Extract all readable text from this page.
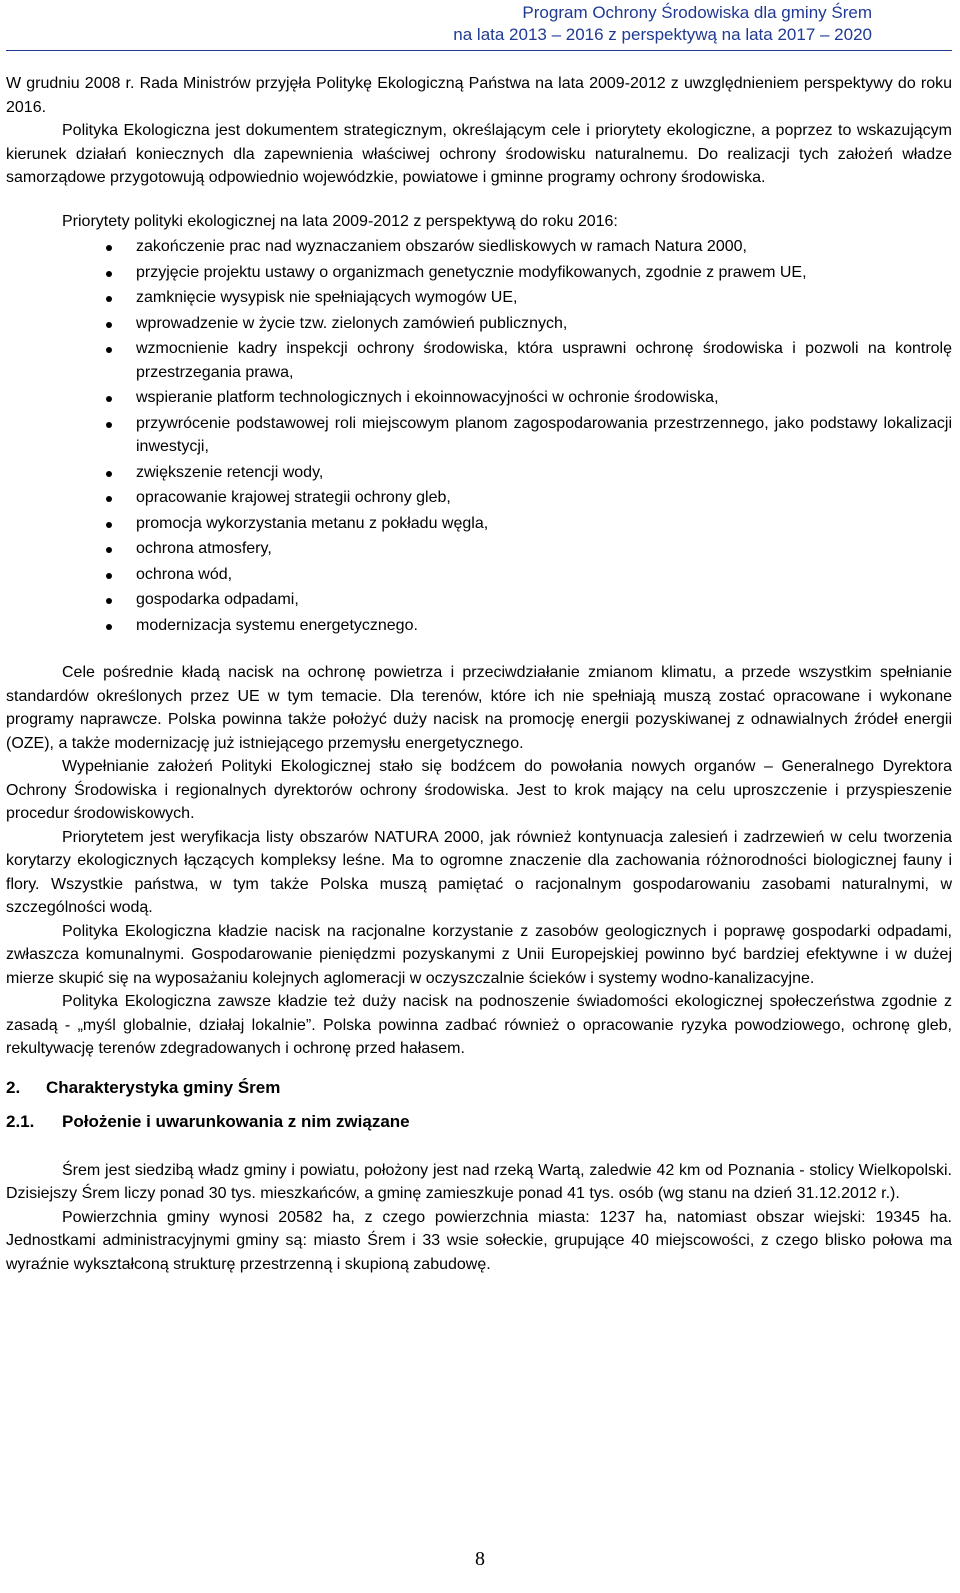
Program Ochrony Środowiska dla gminy Śrem
na lata 2013 – 2016 z perspektywą na lata 2017 – 2020

W grudniu 2008 r. Rada Ministrów przyjęła Politykę Ekologiczną Państwa na lata 2009-2012 z uwzględnieniem perspektywy do roku 2016.

Polityka Ekologiczna jest dokumentem strategicznym, określającym cele i priorytety ekologiczne, a poprzez to wskazującym kierunek działań koniecznych dla zapewnienia właściwej ochrony środowisku naturalnemu. Do realizacji tych założeń władze samorządowe przygotowują odpowiednio wojewódzkie, powiatowe i gminne programy ochrony środowiska.

Priorytety polityki ekologicznej na lata 2009-2012 z perspektywą do roku 2016:
zakończenie prac nad wyznaczaniem obszarów siedliskowych w ramach Natura 2000,
przyjęcie projektu ustawy o organizmach genetycznie modyfikowanych, zgodnie z prawem UE,
zamknięcie wysypisk nie spełniających wymogów UE,
wprowadzenie w życie tzw. zielonych zamówień publicznych,
wzmocnienie kadry inspekcji ochrony środowiska, która usprawni ochronę środowiska i pozwoli na kontrolę przestrzegania prawa,
wspieranie platform technologicznych i ekoinnowacyjności w ochronie środowiska,
przywrócenie podstawowej roli miejscowym planom zagospodarowania przestrzennego, jako podstawy lokalizacji inwestycji,
zwiększenie retencji wody,
opracowanie krajowej strategii ochrony gleb,
promocja wykorzystania metanu z pokładu węgla,
ochrona atmosfery,
ochrona wód,
gospodarka odpadami,
modernizacja systemu energetycznego.

Cele pośrednie kładą nacisk na ochronę powietrza i przeciwdziałanie zmianom klimatu, a przede wszystkim spełnianie standardów określonych przez UE w tym temacie. Dla terenów, które ich nie spełniają muszą zostać opracowane i wykonane programy naprawcze. Polska powinna także położyć duży nacisk na promocję energii pozyskiwanej z odnawialnych źródeł energii (OZE), a także modernizację już istniejącego przemysłu energetycznego.

Wypełnianie założeń Polityki Ekologicznej stało się bodźcem do powołania nowych organów – Generalnego Dyrektora Ochrony Środowiska i regionalnych dyrektorów ochrony środowiska. Jest to krok mający na celu uproszczenie i przyspieszenie procedur środowiskowych.

Priorytetem jest weryfikacja listy obszarów NATURA 2000, jak również kontynuacja zalesień i zadrzewień w celu tworzenia korytarzy ekologicznych łączących kompleksy leśne. Ma to ogromne znaczenie dla zachowania różnorodności biologicznej fauny i flory. Wszystkie państwa, w tym także Polska muszą pamiętać o racjonalnym gospodarowaniu zasobami naturalnymi, w szczególności wodą.

Polityka Ekologiczna kładzie nacisk na racjonalne korzystanie z zasobów geologicznych i poprawę gospodarki odpadami, zwłaszcza komunalnymi. Gospodarowanie pieniędzmi pozyskanymi z Unii Europejskiej powinno być bardziej efektywne i w dużej mierze skupić się na wyposażaniu kolejnych aglomeracji w oczyszczalnie ścieków i systemy wodno-kanalizacyjne.

Polityka Ekologiczna zawsze kładzie też duży nacisk na podnoszenie świadomości ekologicznej społeczeństwa zgodnie z zasadą - „myśl globalnie, działaj lokalnie”. Polska powinna zadbać również o opracowanie ryzyka powodziowego, ochronę gleb, rekultywację terenów zdegradowanych i ochronę przed hałasem.

2. Charakterystyka gminy Śrem
2.1. Położenie i uwarunkowania z nim związane

Śrem jest siedzibą władz gminy i powiatu, położony jest nad rzeką Wartą, zaledwie 42 km od Poznania - stolicy Wielkopolski. Dzisiejszy Śrem liczy ponad 30 tys. mieszkańców, a gminę zamieszkuje ponad 41 tys. osób (wg stanu na dzień 31.12.2012 r.).

Powierzchnia gminy wynosi 20582 ha, z czego powierzchnia miasta: 1237 ha, natomiast obszar wiejski: 19345 ha. Jednostkami administracyjnymi gminy są: miasto Śrem i 33 wsie sołeckie, grupujące 40 miejscowości, z czego blisko połowa ma wyraźnie wykształconą strukturę przestrzenną i skupioną zabudowę.

8
